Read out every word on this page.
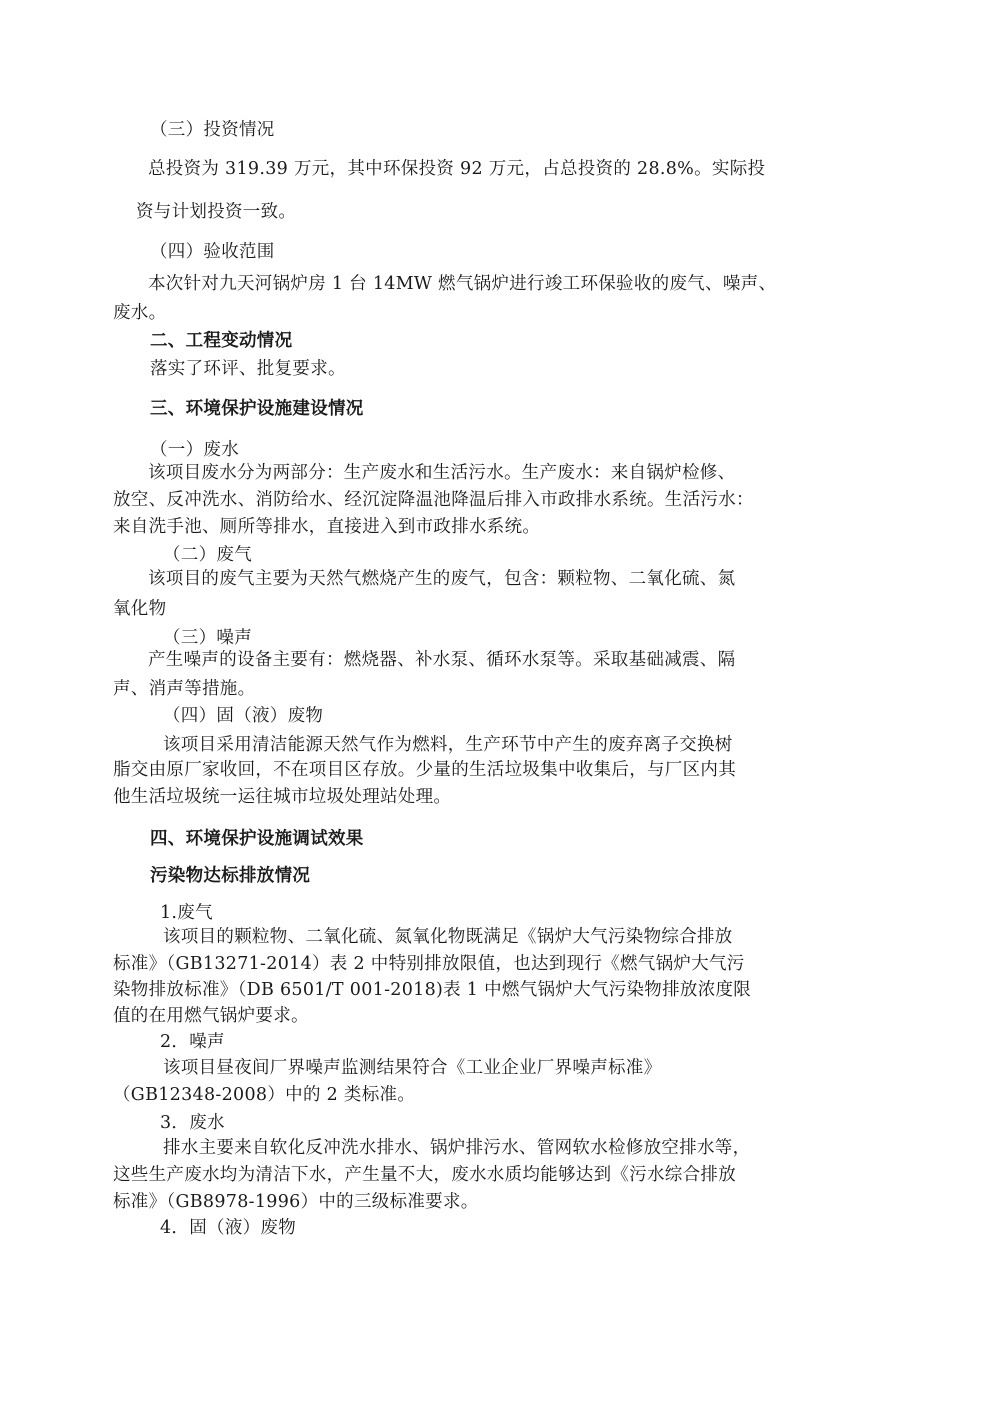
（三）投资情况
总投资为 319.39 万元，其中环保投资 92 万元，占总投资的 28.8%。实际投
资与计划投资一致。
（四）验收范围
本次针对九天河锅炉房 1 台 14MW 燃气锅炉进行竣工环保验收的废气、噪声、
废水。
二、工程变动情况
落实了环评、批复要求。
三、环境保护设施建设情况
（一）废水
该项目废水分为两部分：生产废水和生活污水。生产废水：来自锅炉检修、
放空、反冲洗水、消防给水、经沉淀降温池降温后排入市政排水系统。生活污水：
来自洗手池、厕所等排水，直接进入到市政排水系统。
（二）废气
该项目的废气主要为天然气燃烧产生的废气，包含：颗粒物、二氧化硫、氮
氧化物
（三）噪声
产生噪声的设备主要有：燃烧器、补水泵、循环水泵等。采取基础减震、隔
声、消声等措施。
（四）固（液）废物
该项目采用清洁能源天然气作为燃料，生产环节中产生的废弃离子交换树
脂交由原厂家收回，不在项目区存放。少量的生活垃圾集中收集后，与厂区内其
他生活垃圾统一运往城市垃圾处理站处理。
四、环境保护设施调试效果
污染物达标排放情况
1.废气
该项目的颗粒物、二氧化硫、氮氧化物既满足《锅炉大气污染物综合排放
标准》（GB13271-2014）表 2 中特别排放限值，也达到现行《燃气锅炉大气污
染物排放标准》（DB 6501/T 001-2018)表 1 中燃气锅炉大气污染物排放浓度限
值的在用燃气锅炉要求。
2．噪声
该项目昼夜间厂界噪声监测结果符合《工业企业厂界噪声标准》
（GB12348-2008）中的 2 类标准。
3．废水
排水主要来自软化反冲洗水排水、锅炉排污水、管网软水检修放空排水等，
这些生产废水均为清洁下水，产生量不大，废水水质均能够达到《污水综合排放
标准》（GB8978-1996）中的三级标准要求。
4．固（液）废物
